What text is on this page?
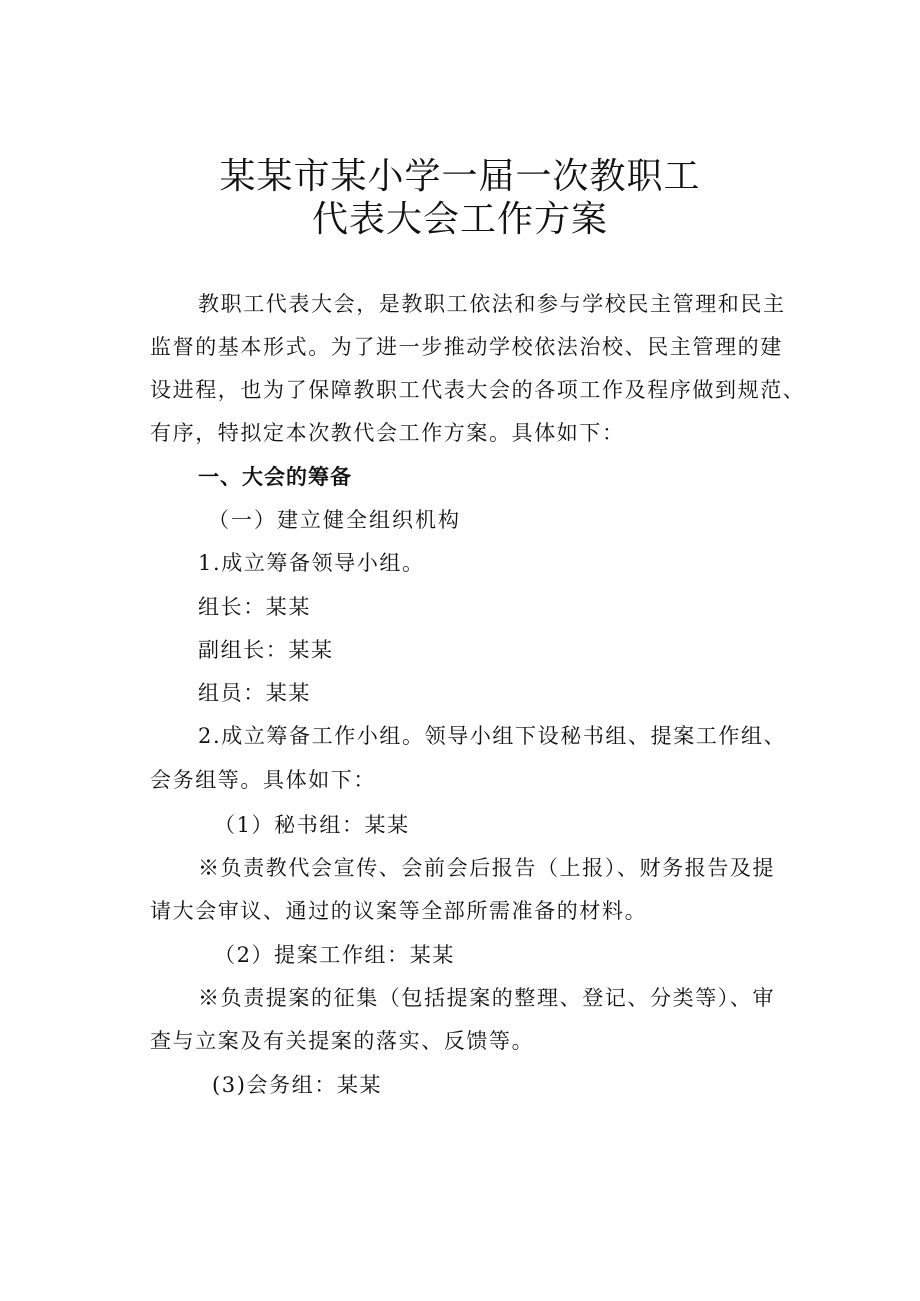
某某市某小学一届一次教职工
代表大会工作方案
教职工代表大会，是教职工依法和参与学校民主管理和民主
监督的基本形式。为了进一步推动学校依法治校、民主管理的建
设进程，也为了保障教职工代表大会的各项工作及程序做到规范、
有序，特拟定本次教代会工作方案。具体如下：
一、大会的筹备
（一）建立健全组织机构
1.成立筹备领导小组。
组长：某某
副组长：某某
组员：某某
2.成立筹备工作小组。领导小组下设秘书组、提案工作组、
会务组等。具体如下：
（1）秘书组：某某
※负责教代会宣传、会前会后报告（上报）、财务报告及提
请大会审议、通过的议案等全部所需准备的材料。
（2）提案工作组：某某
※负责提案的征集（包括提案的整理、登记、分类等）、审
查与立案及有关提案的落实、反馈等。
(3)会务组：某某
